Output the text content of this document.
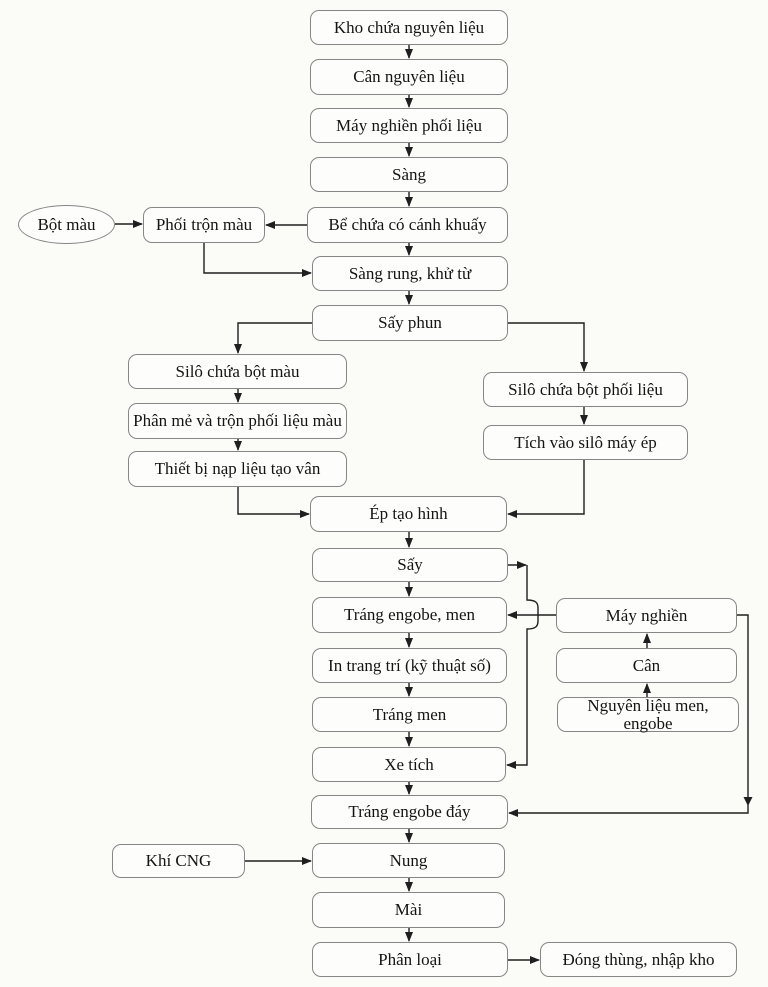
Kho chứa nguyên liệu
Cân nguyên liệu
Máy nghiền phối liệu
Sàng
Bột màu	Phối trộn màu	Bể chứa có cánh khuấy
Sàng rung, khử từ
Sấy phun
Silô chứa bột màu
Phân mẻ và trộn phối liệu màu
Thiết bị nạp liệu tạo vân
Silô chứa bột phối liệu
Tích vào silô máy ép
Ép tạo hình
Sấy
Tráng engobe, men
In trang trí (kỹ thuật số)
Tráng men
Máy nghiền
Cân
Nguyên liệu men, engobe
Xe tích
Tráng engobe đáy
Khí CNG	Nung
Mài
Phân loại	Đóng thùng, nhập kho
